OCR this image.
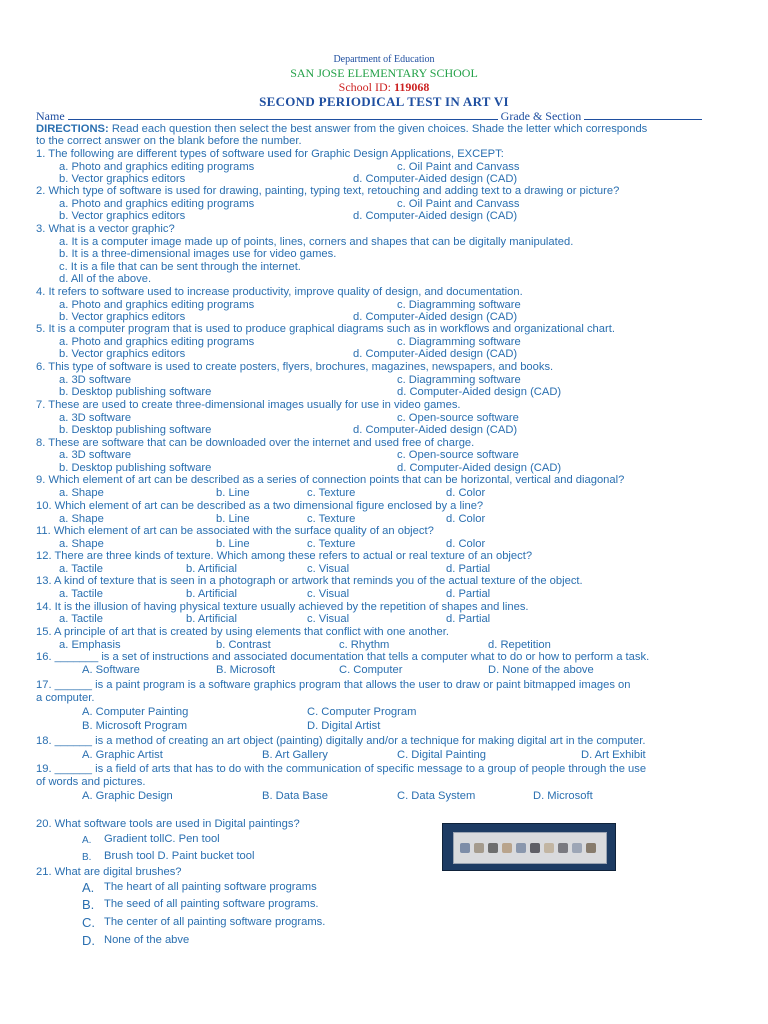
Department of Education
SAN JOSE ELEMENTARY SCHOOL
School ID: 119068
SECOND PERIODICAL TEST IN ART VI
Name	Grade & Section
DIRECTIONS: Read each question then select the best answer from the given choices. Shade the letter which corresponds
to the correct answer on the blank before the number.
1. The following are different types of software used for Graphic Design Applications, EXCEPT:
a. Photo and graphics editing programs	c. Oil Paint and Canvass
b. Vector graphics editors	d. Computer-Aided design (CAD)
2. Which type of software is used for drawing, painting, typing text, retouching and adding text to a drawing or picture?
a. Photo and graphics editing programs	c. Oil Paint and Canvass
b. Vector graphics editors	d. Computer-Aided design (CAD)
3. What is a vector graphic?
a. It is a computer image made up of points, lines, corners and shapes that can be digitally manipulated.
b. It is a three-dimensional images use for video games.
c. It is a file that can be sent through the internet.
d. All of the above.
4. It refers to software used to increase productivity, improve quality of design, and documentation.
a. Photo and graphics editing programs	c. Diagramming software
b. Vector graphics editors	d. Computer-Aided design (CAD)
5. It is a computer program that is used to produce graphical diagrams such as in workflows and organizational chart.
a. Photo and graphics editing programs	c. Diagramming software
b. Vector graphics editors	d. Computer-Aided design (CAD)
6. This type of software is used to create posters, flyers, brochures, magazines, newspapers, and books.
a. 3D software	c. Diagramming software
b. Desktop publishing software	d. Computer-Aided design (CAD)
7. These are used to create three-dimensional images usually for use in video games.
a. 3D software	c. Open-source software
b. Desktop publishing software	d. Computer-Aided design (CAD)
8. These are software that can be downloaded over the internet and used free of charge.
a. 3D software	c. Open-source software
b. Desktop publishing software	d. Computer-Aided design (CAD)
9. Which element of art can be described as a series of connection points that can be horizontal, vertical and diagonal?
a. Shape	b. Line	c. Texture	d. Color
10. Which element of art can be described as a two dimensional figure enclosed by a line?
a. Shape	b. Line	c. Texture	d. Color
11. Which element of art can be associated with the surface quality of an object?
a. Shape	b. Line	c. Texture	d. Color
12. There are three kinds of texture. Which among these refers to actual or real texture of an object?
a. Tactile	b. Artificial	c. Visual	d. Partial
13. A kind of texture that is seen in a photograph or artwork that reminds you of the actual texture of the object.
a. Tactile	b. Artificial	c. Visual	d. Partial
14. It is the illusion of having physical texture usually achieved by the repetition of shapes and lines.
a. Tactile	b. Artificial	c. Visual	d. Partial
15. A principle of art that is created by using elements that conflict with one another.
a. Emphasis	b. Contrast	c. Rhythm	d. Repetition
16. _______ is a set of instructions and associated documentation that tells a computer what to do or how to perform a task.
A. Software	B. Microsoft	C. Computer	D. None of the above
17. ______ is a paint program is a software graphics program that allows the user to draw or paint bitmapped images on
a computer.
A. Computer Painting	C. Computer Program
B. Microsoft Program	D. Digital Artist
18. ______ is a method of creating an art object (painting) digitally and/or a technique for making digital art in the computer.
A. Graphic Artist	B. Art Gallery	C. Digital Painting	D. Art Exhibit
19. ______ is a field of arts that has to do with the communication of specific message to a group of people through the use
of words and pictures.
A. Graphic Design	B. Data Base	C. Data System	D. Microsoft
20. What software tools are used in Digital paintings?
A. Gradient tollC. Pen tool
B. Brush tool D. Paint bucket tool
21. What are digital brushes?
A. The heart of all painting software programs
B. The seed of all painting software programs.
C. The center of all painting software programs.
D. None of the abve
